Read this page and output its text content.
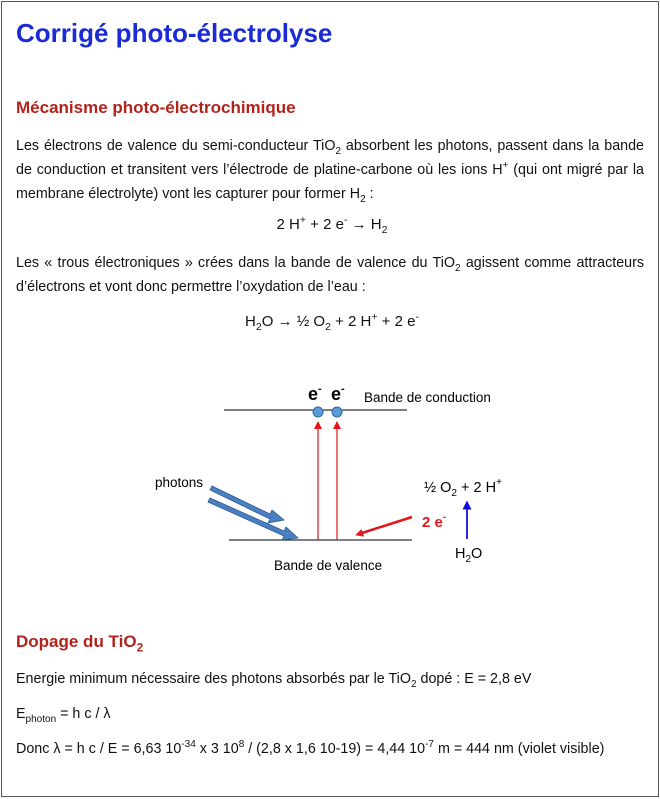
Corrigé photo-électrolyse
Mécanisme photo-électrochimique
Les électrons de valence du semi-conducteur TiO$_2$ absorbent les photons, passent dans la bande de conduction et transitent vers l’électrode de platine-carbone où les ions H+ (qui ont migré par la membrane électrolyte) vont les capturer pour former $H_2$ :
2 H+ + 2 $e^- \to H_2$
Les « trous électroniques » crées dans la bande de valence du TiO$_2$ agissent comme attracteurs d’électrons et vont donc permettre l’oxydation de l’eau :
$H_2O$ → ½ $O_2 + 2$ H+ + 2 e-
e- e-
Bande de conduction
Bande de valence
photons
2 e-
½ $O_2 + 2$ H+
$H_2O$
Dopage du TiO$_2$
Energie minimum nécessaire des photons absorbés par le TiO$_2$ dopé : E = 2,8 eV
$E_{photon} = h$ c / λ
Donc λ = h c / E = 6,63 $10^{-34}$ x 3 $10^8 / (2,8$ x 1,6 10-19) = 4,44 $10^{-7}$ m = 444 nm (violet visible)
